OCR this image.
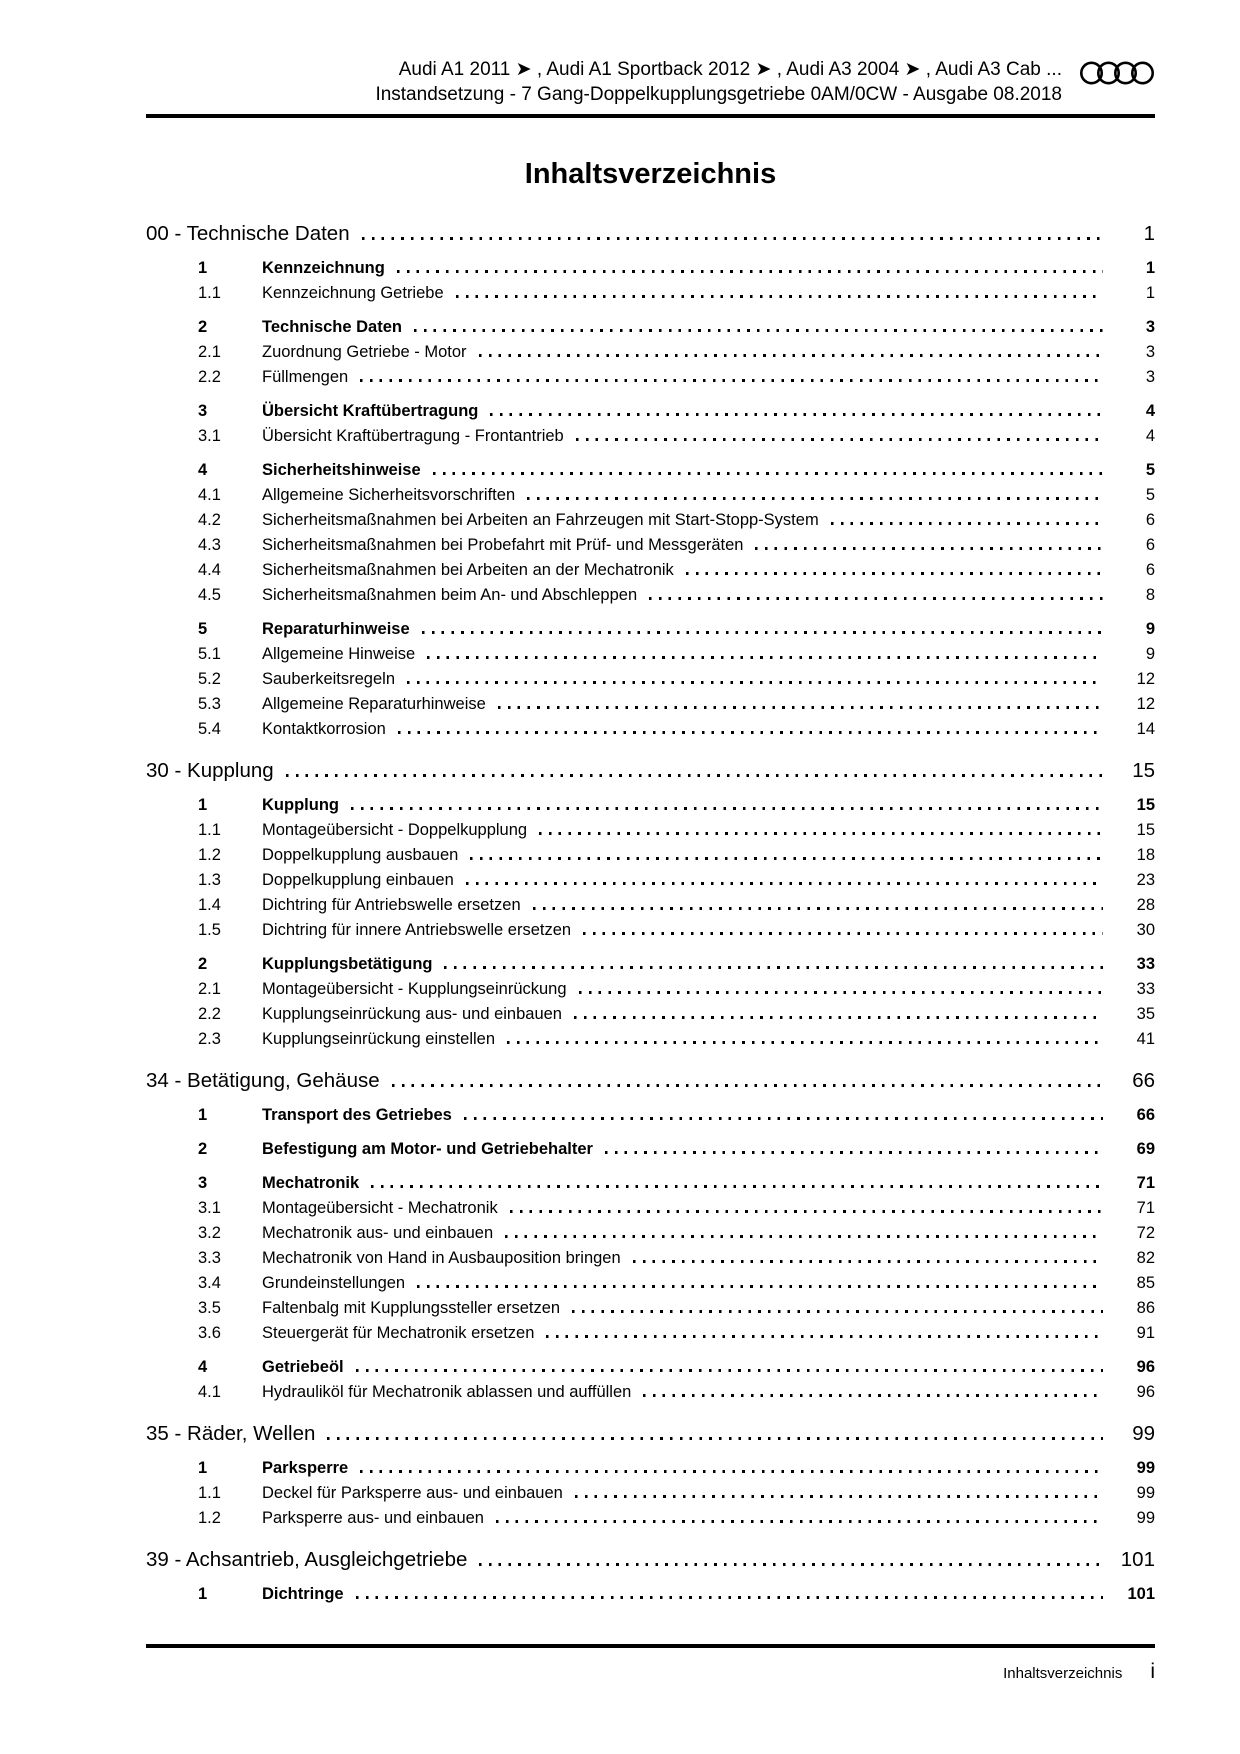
Audi A1 2011 ➤ , Audi A1 Sportback 2012 ➤ , Audi A3 2004 ➤ , Audi A3 Cab ...
Instandsetzung - 7 Gang-Doppelkupplungsgetriebe 0AM/0CW - Ausgabe 08.2018
Inhaltsverzeichnis
00 - Technische Daten	1
1	Kennzeichnung	1
1.1	Kennzeichnung Getriebe	1
2	Technische Daten	3
2.1	Zuordnung Getriebe - Motor	3
2.2	Füllmengen	3
3	Übersicht Kraftübertragung	4
3.1	Übersicht Kraftübertragung - Frontantrieb	4
4	Sicherheitshinweise	5
4.1	Allgemeine Sicherheitsvorschriften	5
4.2	Sicherheitsmaßnahmen bei Arbeiten an Fahrzeugen mit Start-Stopp-System	6
4.3	Sicherheitsmaßnahmen bei Probefahrt mit Prüf- und Messgeräten	6
4.4	Sicherheitsmaßnahmen bei Arbeiten an der Mechatronik	6
4.5	Sicherheitsmaßnahmen beim An- und Abschleppen	8
5	Reparaturhinweise	9
5.1	Allgemeine Hinweise	9
5.2	Sauberkeitsregeln	12
5.3	Allgemeine Reparaturhinweise	12
5.4	Kontaktkorrosion	14
30 - Kupplung	15
1	Kupplung	15
1.1	Montageübersicht - Doppelkupplung	15
1.2	Doppelkupplung ausbauen	18
1.3	Doppelkupplung einbauen	23
1.4	Dichtring für Antriebswelle ersetzen	28
1.5	Dichtring für innere Antriebswelle ersetzen	30
2	Kupplungsbetätigung	33
2.1	Montageübersicht - Kupplungseinrückung	33
2.2	Kupplungseinrückung aus- und einbauen	35
2.3	Kupplungseinrückung einstellen	41
34 - Betätigung, Gehäuse	66
1	Transport des Getriebes	66
2	Befestigung am Motor- und Getriebehalter	69
3	Mechatronik	71
3.1	Montageübersicht - Mechatronik	71
3.2	Mechatronik aus- und einbauen	72
3.3	Mechatronik von Hand in Ausbauposition bringen	82
3.4	Grundeinstellungen	85
3.5	Faltenbalg mit Kupplungssteller ersetzen	86
3.6	Steuergerät für Mechatronik ersetzen	91
4	Getriebeöl	96
4.1	Hydrauliköl für Mechatronik ablassen und auffüllen	96
35 - Räder, Wellen	99
1	Parksperre	99
1.1	Deckel für Parksperre aus- und einbauen	99
1.2	Parksperre aus- und einbauen	99
39 - Achsantrieb, Ausgleichgetriebe	101
1	Dichtringe	101
Inhaltsverzeichnis i
